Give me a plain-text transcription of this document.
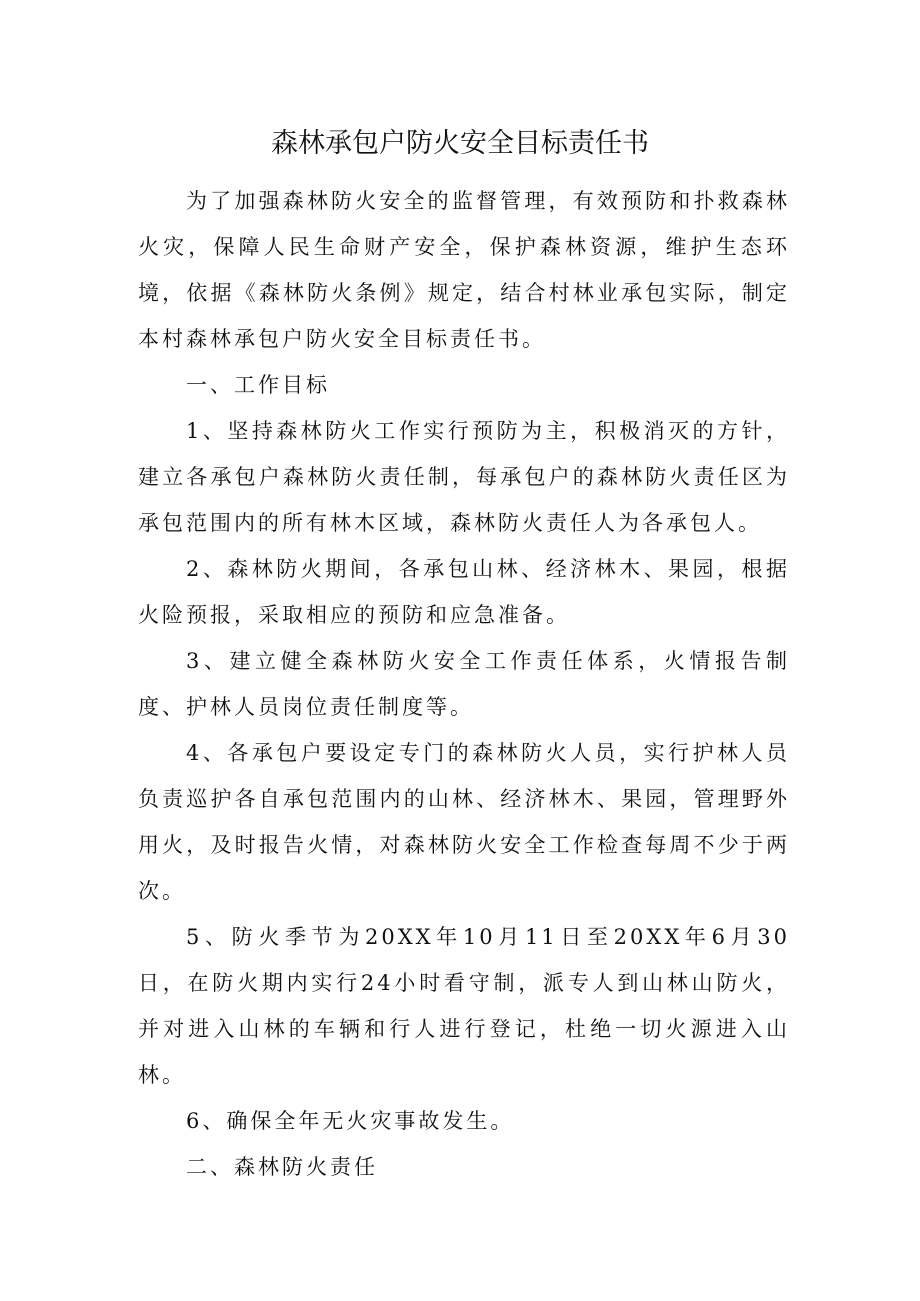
森林承包户防火安全目标责任书

为了加强森林防火安全的监督管理，有效预防和扑救森林火灾，保障人民生命财产安全，保护森林资源，维护生态环境，依据《森林防火条例》规定，结合村林业承包实际，制定本村森林承包户防火安全目标责任书。

一、工作目标

1、坚持森林防火工作实行预防为主，积极消灭的方针，建立各承包户森林防火责任制，每承包户的森林防火责任区为承包范围内的所有林木区域，森林防火责任人为各承包人。

2、森林防火期间，各承包山林、经济林木、果园，根据火险预报，采取相应的预防和应急准备。

3、建立健全森林防火安全工作责任体系，火情报告制度、护林人员岗位责任制度等。

4、各承包户要设定专门的森林防火人员，实行护林人员负责巡护各自承包范围内的山林、经济林木、果园，管理野外用火，及时报告火情，对森林防火安全工作检查每周不少于两次。

5、防火季节为20XX年10月11日至20XX年6月30日，在防火期内实行24小时看守制，派专人到山林山防火，并对进入山林的车辆和行人进行登记，杜绝一切火源进入山林。

6、确保全年无火灾事故发生。

二、森林防火责任
